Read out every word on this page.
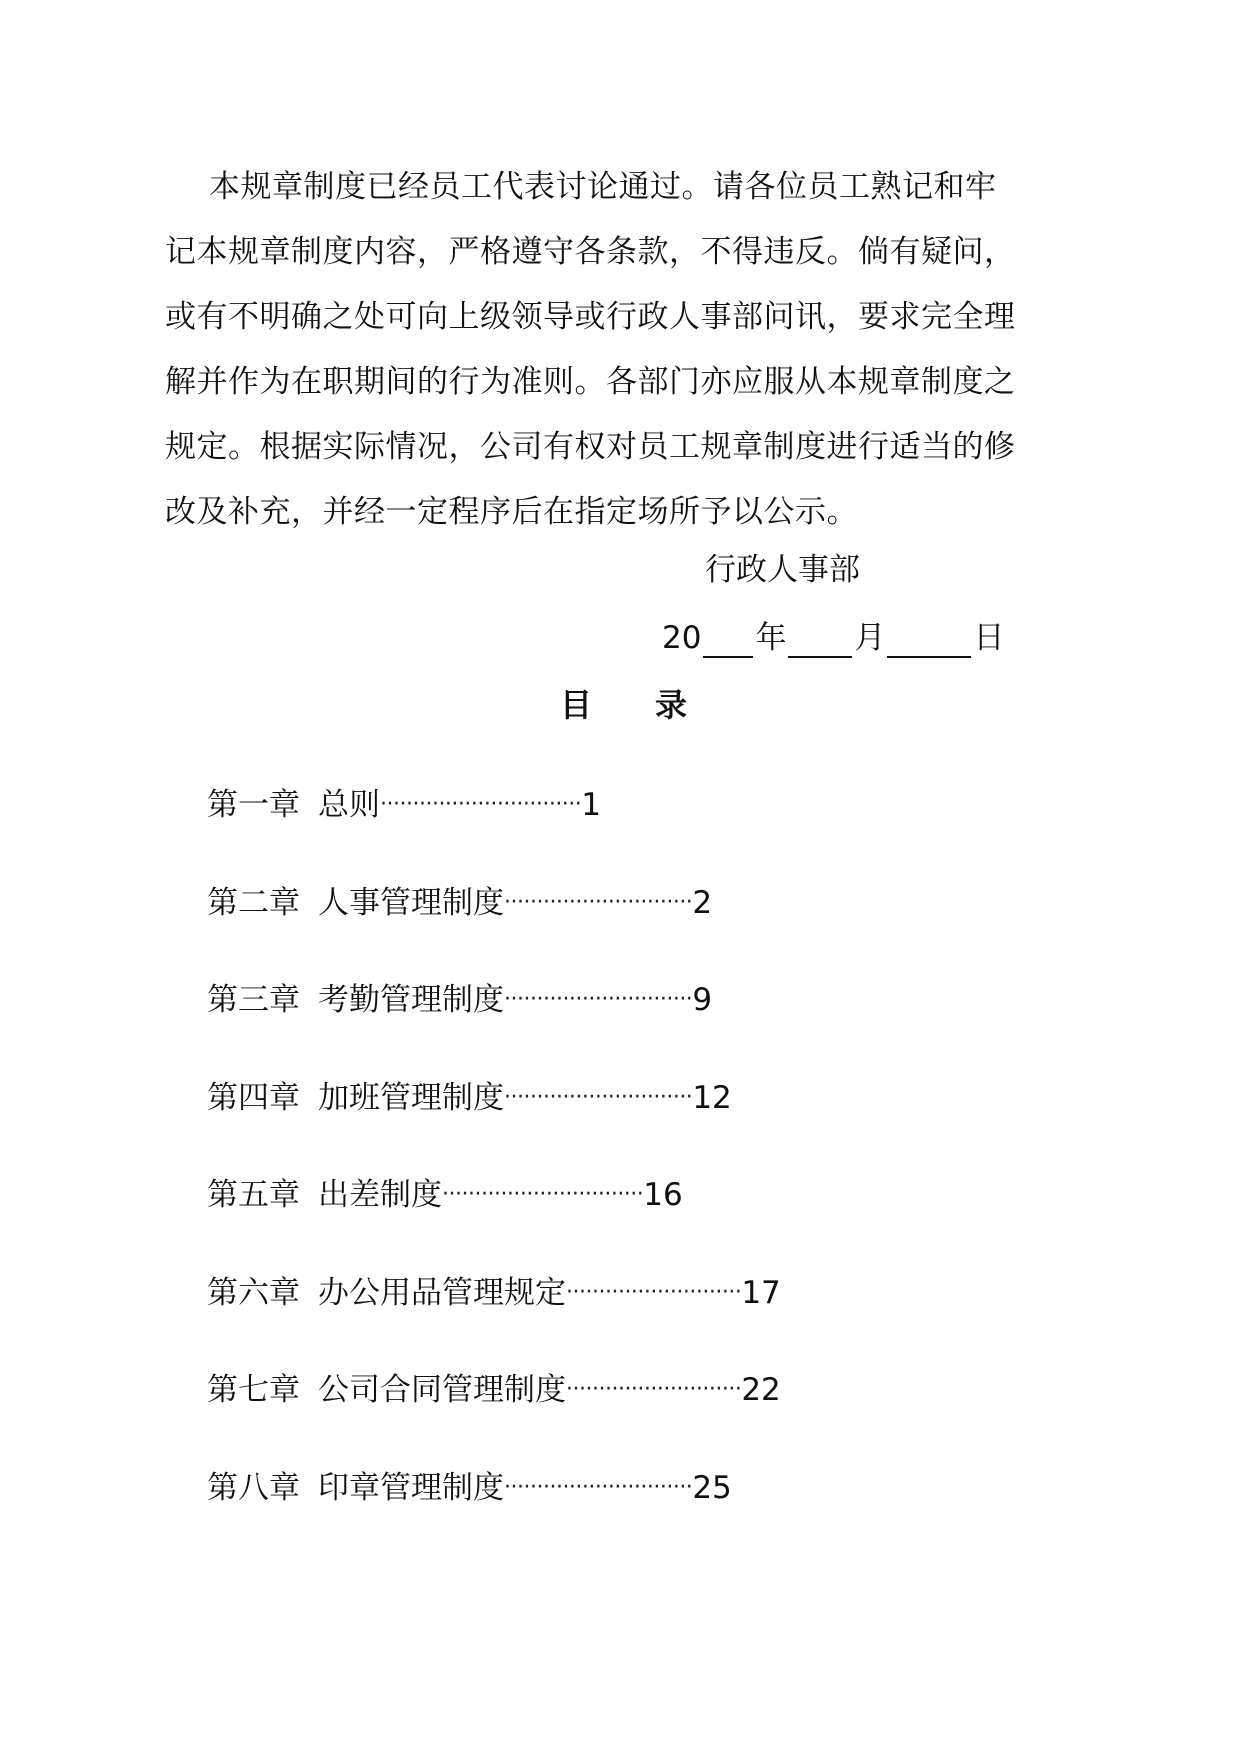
本规章制度已经员工代表讨论通过。请各位员工熟记和牢
记本规章制度内容，严格遵守各条款，不得违反。倘有疑问，
或有不明确之处可向上级领导或行政人事部问讯，要求完全理
解并作为在职期间的行为准则。各部门亦应服从本规章制度之
规定。根据实际情况，公司有权对员工规章制度进行适当的修
改及补充，并经一定程序后在指定场所予以公示。

行政人事部
20 年 月	日
目 录
第一章 总则 ······························· 1
第二章 人事管理制度 ····························· 2
第三章 考勤管理制度 ····························· 9
第四章 加班管理制度 ····························· 12
第五章 出差制度 ······························· 16
第六章 办公用品管理规定 ··························· 17
第七章 公司合同管理制度 ··························· 22
第八章 印章管理制度 ····························· 25
